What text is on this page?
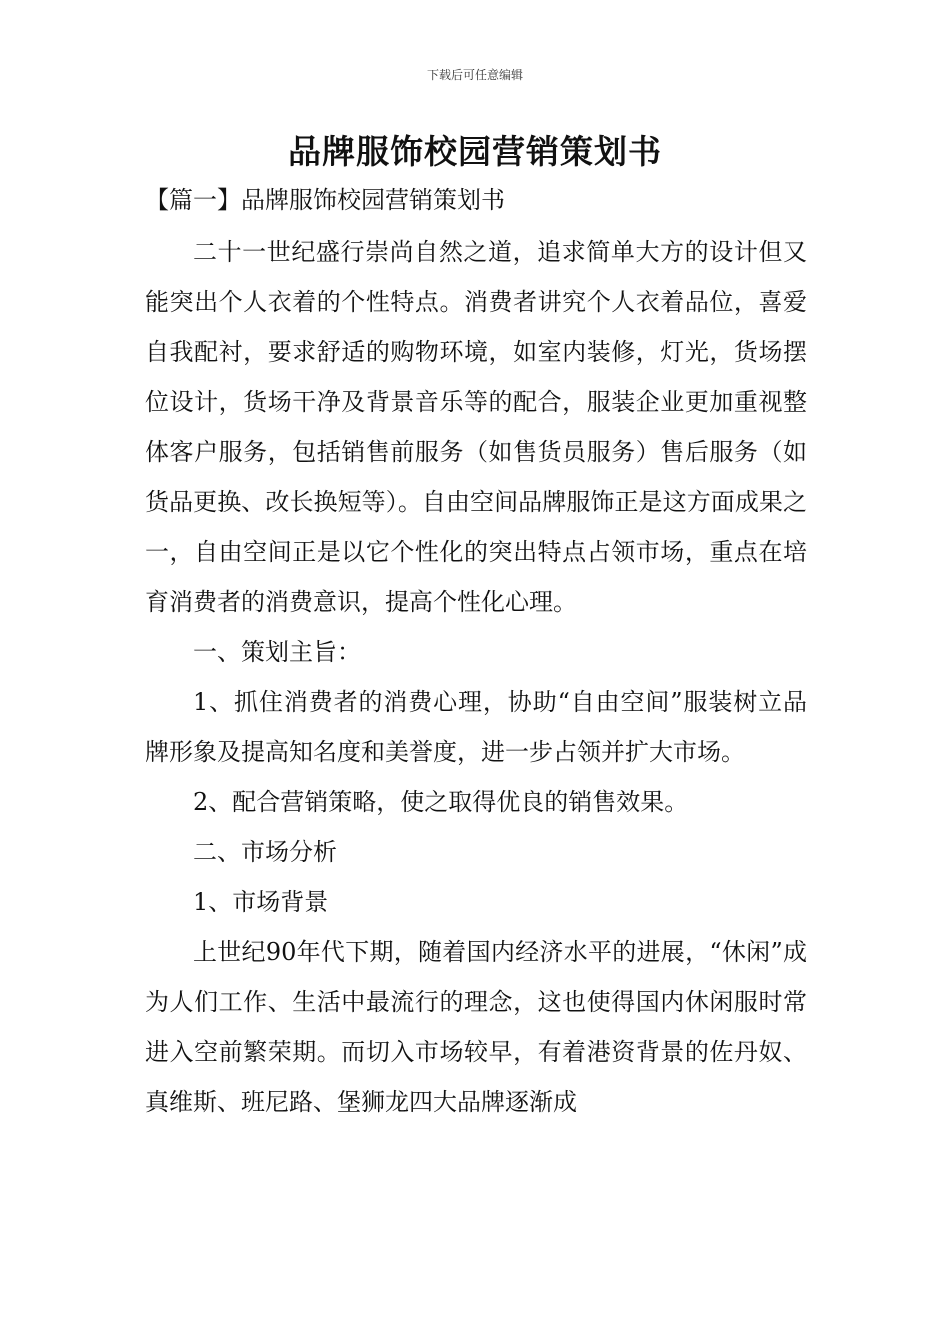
下载后可任意编辑
品牌服饰校园营销策划书
【篇一】品牌服饰校园营销策划书

二十一世纪盛行崇尚自然之道，追求简单大方的设计但又能突出个人衣着的个性特点。消费者讲究个人衣着品位，喜爱自我配衬，要求舒适的购物环境，如室内装修，灯光，货场摆位设计，货场干净及背景音乐等的配合，服装企业更加重视整体客户服务，包括销售前服务（如售货员服务）售后服务（如货品更换、改长换短等）。自由空间品牌服饰正是这方面成果之一，自由空间正是以它个性化的突出特点占领市场，重点在培育消费者的消费意识，提高个性化心理。

一、策划主旨：

1、抓住消费者的消费心理，协助“自由空间”服装树立品牌形象及提高知名度和美誉度，进一步占领并扩大市场。

2、配合营销策略，使之取得优良的销售效果。

二、市场分析

1、市场背景

上世纪90年代下期，随着国内经济水平的进展，“休闲”成为人们工作、生活中最流行的理念，这也使得国内休闲服时常进入空前繁荣期。而切入市场较早，有着港资背景的佐丹奴、真维斯、班尼路、堡狮龙四大品牌逐渐成
